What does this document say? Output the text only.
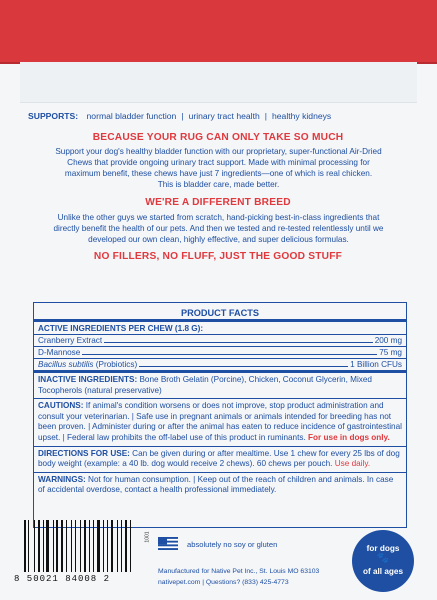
SUPPORTS: normal bladder function | urinary tract health | healthy kidneys
BECAUSE YOUR RUG CAN ONLY TAKE SO MUCH
Support your dog's healthy bladder function with our proprietary, super-functional Air-Dried
Chews that provide ongoing urinary tract support. Made with minimal processing for
maximum benefit, these chews have just 7 ingredients—one of which is real chicken.
This is bladder care, made better.
WE'RE A DIFFERENT BREED
Unlike the other guys we started from scratch, hand-picking best-in-class ingredients that
directly benefit the health of our pets. And then we tested and re-tested relentlessly until we
developed our own clean, highly effective, and super delicious formulas.
NO FILLERS, NO FLUFF, JUST THE GOOD STUFF
PRODUCT FACTS
ACTIVE INGREDIENTS PER CHEW (1.8 G):
Cranberry Extract	200 mg
D-Mannose	75 mg
Bacillus subtilis (Probiotics)	1 Billion CFUs
INACTIVE INGREDIENTS: Bone Broth Gelatin (Porcine), Chicken, Coconut Glycerin, Mixed Tocopherols (natural preservative)
CAUTIONS: If animal's condition worsens or does not improve, stop product administration and consult your veterinarian. | Safe use in pregnant animals or animals intended for breeding has not been proven. | Administer during or after the animal has eaten to reduce incidence of gastrointestinal upset. | Federal law prohibits the off-label use of this product in ruminants. For use in dogs only.
DIRECTIONS FOR USE: Can be given during or after mealtime. Use 1 chew for every 25 lbs of dog body weight (example: a 40 lb. dog would receive 2 chews). 60 chews per pouch. Use daily.
WARNINGS: Not for human consumption. | Keep out of the reach of children and animals. In case of accidental overdose, contact a health professional immediately.
8 50021 84008 2
1001
absolutely no soy or gluten
Manufactured for Native Pet Inc., St. Louis MO 63103
nativepet.com | Questions? (833) 425-4773
for dogs
🐾
of all ages
